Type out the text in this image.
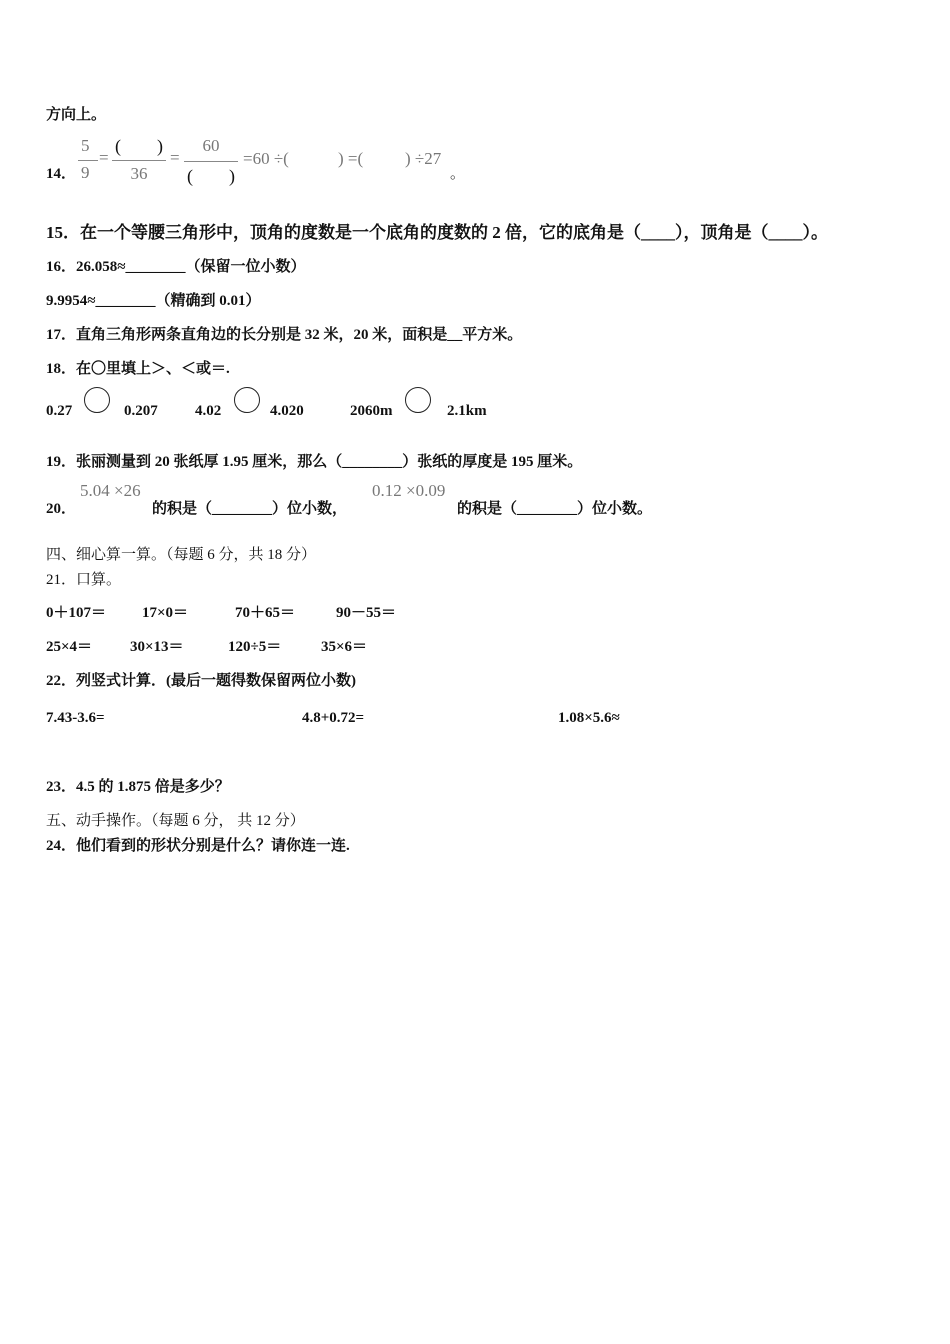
方向上。
14．
5
9
=
(　　)
36
=
60
(　　)
=60 ÷(	) =( ) ÷27
。
15．在一个等腰三角形中，顶角的度数是一个底角的度数的 2 倍，它的底角是（____），顶角是（____）。
16．26.058≈________（保留一位小数）
9.9954≈________（精确到 0.01）
17．直角三角形两条直角边的长分别是 32 米，20 米，面积是__平方米。
18．在〇里填上＞、＜或＝.
0.27	0.207 4.02	4.020	2060m	2.1km
19．张丽测量到 20 张纸厚 1.95 厘米，那么（________）张纸的厚度是 195 厘米。
20．
5.04 ×26
的积是（________）位小数，
0.12 ×0.09
的积是（________）位小数。
四、细心算一算。（每题 6 分，共 18 分）
21．口算。
0＋107＝ 17×0＝	70＋65＝	90－55＝
25×4＝	30×13＝	120÷5＝	35×6＝
22．列竖式计算．(最后一题得数保留两位小数)
7.43-3.6=	4.8+0.72=	1.08×5.6≈
23．4.5 的 1.875 倍是多少？
五、动手操作。（每题 6 分， 共 12 分）
24．他们看到的形状分别是什么？请你连一连.
